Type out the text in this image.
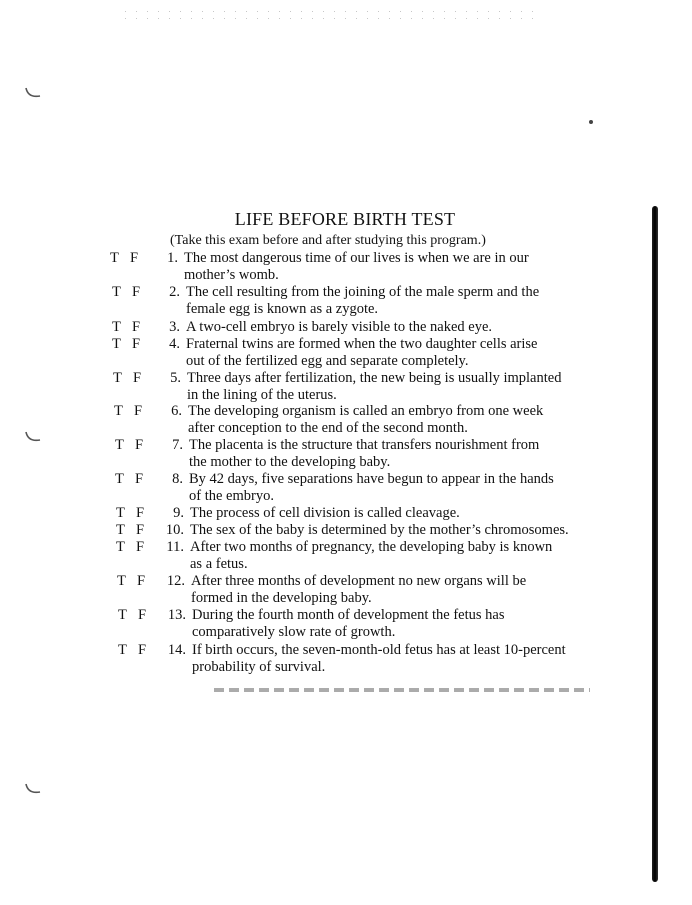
LIFE BEFORE BIRTH TEST
(Take this exam before and after studying this program.)
T F	1. The most dangerous time of our lives is when we are in our
mother’s womb.
T F	2. The cell resulting from the joining of the male sperm and the
female egg is known as a zygote.
T F	3. A two-cell embryo is barely visible to the naked eye.
T F	4. Fraternal twins are formed when the two daughter cells arise
out of the fertilized egg and separate completely.
T F	5. Three days after fertilization, the new being is usually implanted
in the lining of the uterus.
T F	6. The developing organism is called an embryo from one week
after conception to the end of the second month.
T F	7. The placenta is the structure that transfers nourishment from
the mother to the developing baby.
T F	8. By 42 days, five separations have begun to appear in the hands
of the embryo.
T F	9. The process of cell division is called cleavage.
T F	10. The sex of the baby is determined by the mother’s chromosomes.
T F	11. After two months of pregnancy, the developing baby is known
as a fetus.
T F	12. After three months of development no new organs will be
formed in the developing baby.
T F	13. During the fourth month of development the fetus has
comparatively slow rate of growth.
T F	14. If birth occurs, the seven-month-old fetus has at least 10-percent
probability of survival.
